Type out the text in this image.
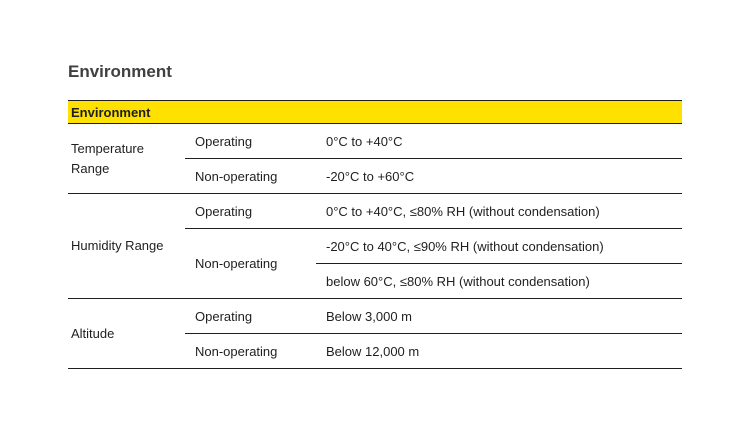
Environment
Environment		
Temperature Range	Operating	0°C to +40°C
	Non-operating	-20°C to +60°C
Humidity Range	Operating	0°C to +40°C, ≤80% RH (without condensation)
	Non-operating	-20°C to 40°C, ≤90% RH (without condensation)
		below 60°C, ≤80% RH (without condensation)
Altitude	Operating	Below 3,000 m
	Non-operating	Below 12,000 m
